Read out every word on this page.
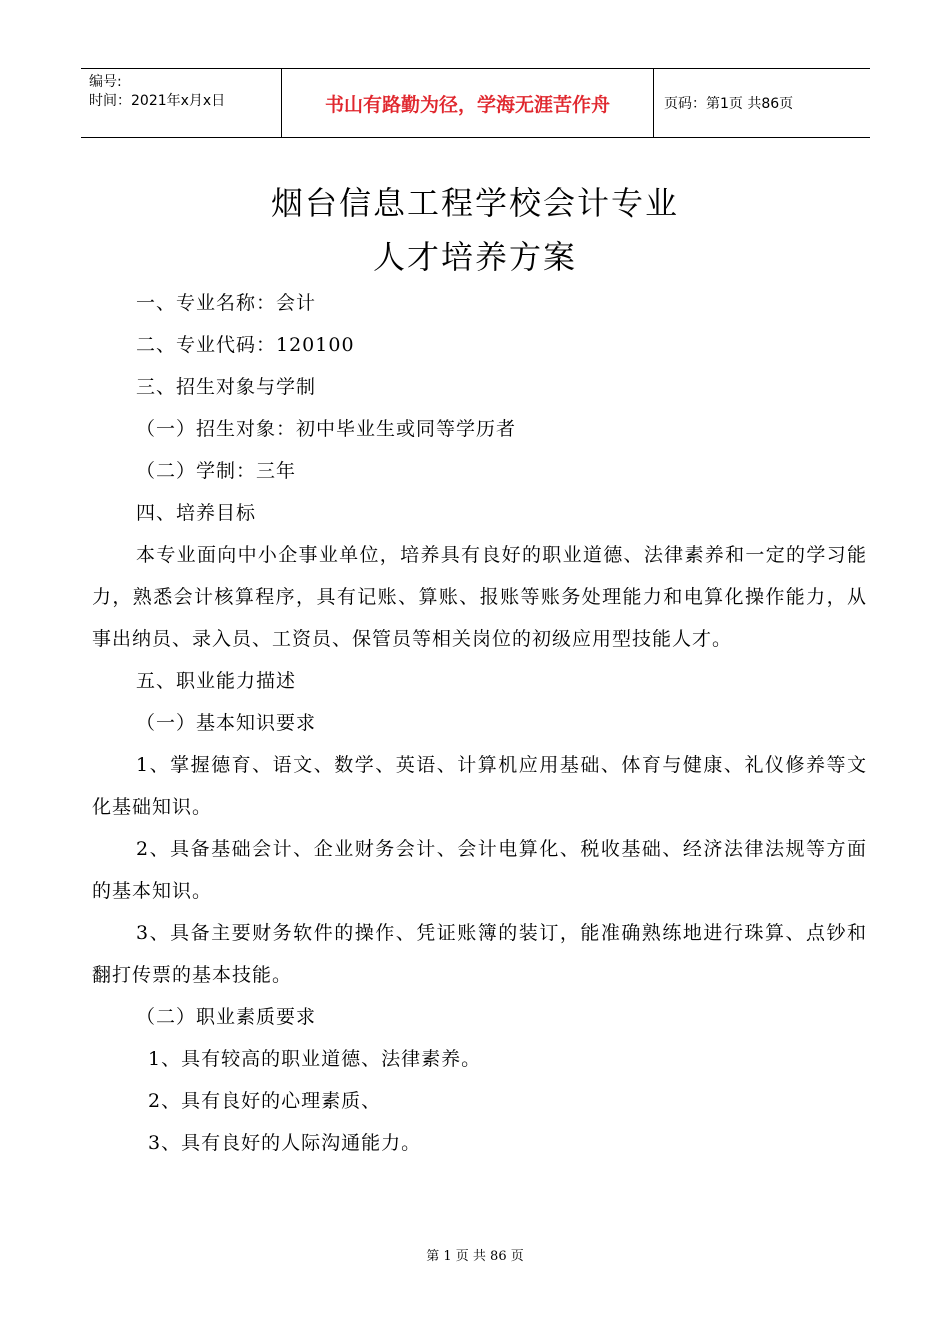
编号:
时间：2021年x月x日	书山有路勤为径，学海无涯苦作舟	页码：第1页 共86页
烟台信息工程学校会计专业
人才培养方案

一、专业名称：会计

二、专业代码：120100

三、招生对象与学制

（一）招生对象：初中毕业生或同等学历者

（二）学制：三年

四、培养目标

本专业面向中小企事业单位，培养具有良好的职业道德、法律素养和一定的学习能力，熟悉会计核算程序，具有记账、算账、报账等账务处理能力和电算化操作能力，从事出纳员、录入员、工资员、保管员等相关岗位的初级应用型技能人才。

五、职业能力描述

（一）基本知识要求

1、掌握德育、语文、数学、英语、计算机应用基础、体育与健康、礼仪修养等文化基础知识。

2、具备基础会计、企业财务会计、会计电算化、税收基础、经济法律法规等方面的基本知识。

3、具备主要财务软件的操作、凭证账簿的装订，能准确熟练地进行珠算、点钞和翻打传票的基本技能。

（二）职业素质要求

1、具有较高的职业道德、法律素养。

2、具有良好的心理素质、

3、具有良好的人际沟通能力。

第 1 页 共 86 页
